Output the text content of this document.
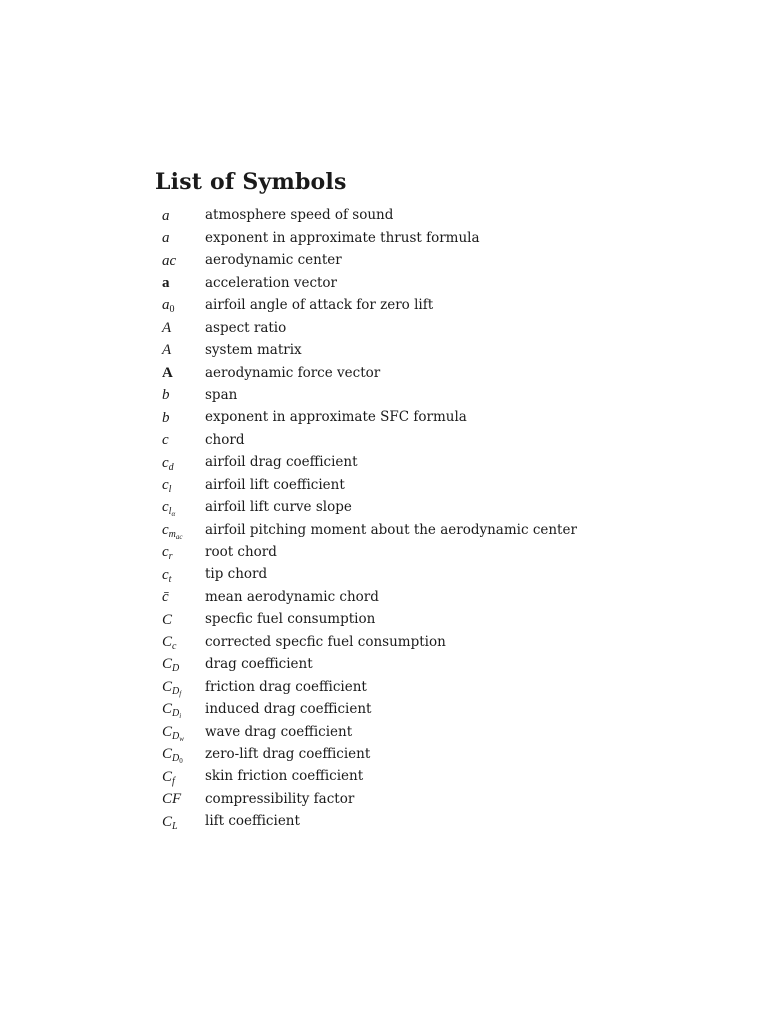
List of Symbols
a	atmosphere speed of sound
a	exponent in approximate thrust formula
ac	aerodynamic center
a	acceleration vector
$a_0$	airfoil angle of attack for zero lift
A	aspect ratio
A	system matrix
A	aerodynamic force vector
b	span
b	exponent in approximate SFC formula
c	chord
$c_d$	airfoil drag coefficient
$c_l$	airfoil lift coefficient
$c_{l_\alpha}$	airfoil lift curve slope
$c_{m_{ac}}$	airfoil pitching moment about the aerodynamic center
$c_r$	root chord
$c_t$	tip chord
c̄	mean aerodynamic chord
C	specfic fuel consumption
$C_c$	corrected specfic fuel consumption
$C_D$	drag coefficient
$C_{D_f}$	friction drag coefficient
$C_{D_i}$	induced drag coefficient
$C_{D_w}$	wave drag coefficient
$C_{D_0}$	zero-lift drag coefficient
$C_f$	skin friction coefficient
CF	compressibility factor
$C_L$	lift coefficient
